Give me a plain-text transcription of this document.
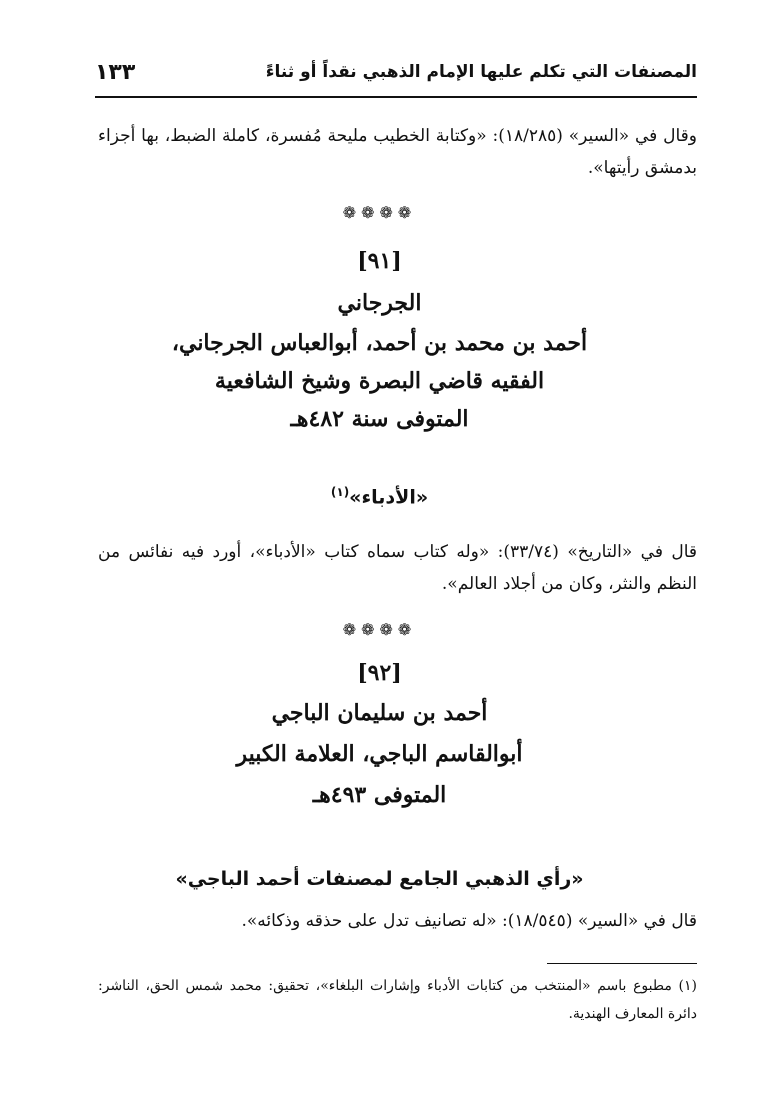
المصنفات التي تكلم عليها الإمام الذهبي نقداً أو ثناءً
١٣٣
وقال في «السير» (١٨/٢٨٥): «وكتابة الخطيب مليحة مُفسرة، كاملة الضبط، بها أجزاء بدمشق رأيتها».
❁❁❁❁
[٩١]
الجرجاني
أحمد بن محمد بن أحمد، أبوالعباس الجرجاني،
الفقيه قاضي البصرة وشيخ الشافعية
المتوفى سنة ٤٨٢هـ
«الأدباء»$^{(١)}$
قال في «التاريخ» (٣٣/٧٤): «وله كتاب سماه كتاب «الأدباء»، أورد فيه نفائس من النظم والنثر، وكان من أجلاد العالم».
❁❁❁❁
[٩٢]
أحمد بن سليمان الباجي
أبوالقاسم الباجي، العلامة الكبير
المتوفى ٤٩٣هـ
«رأي الذهبي الجامع لمصنفات أحمد الباجي»
قال في «السير» (١٨/٥٤٥): «له تصانيف تدل على حذقه وذكائه».
(١) مطبوع باسم «المنتخب من كتابات الأدباء وإشارات البلغاء»، تحقيق: محمد شمس الحق، الناشر: دائرة المعارف الهندية.
